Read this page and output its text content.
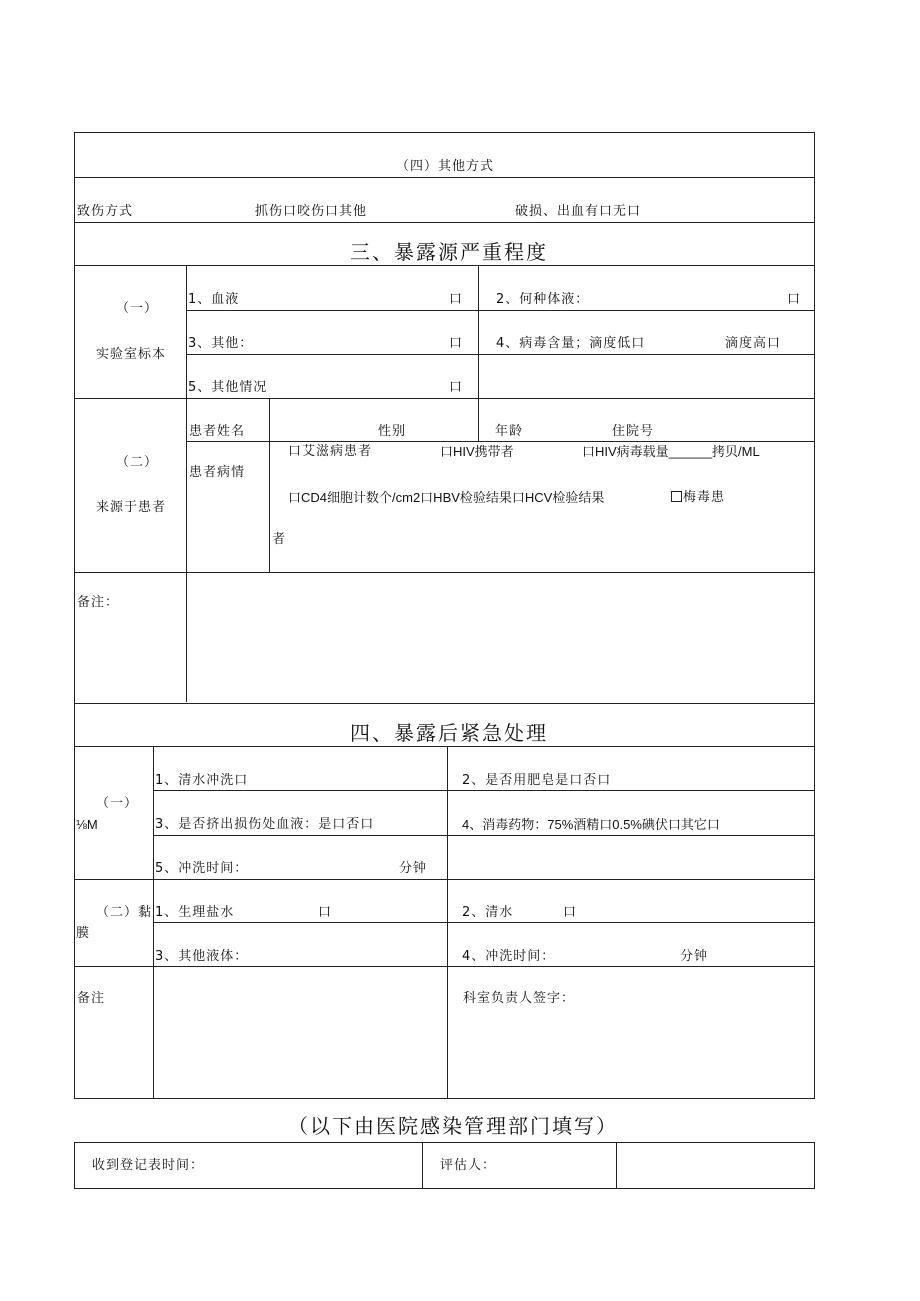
（四）其他方式
致伤方式	抓伤口咬伤口其他	破损、出血有口无口
三、暴露源严重程度
（一）
实验室标本
1、血液	口	2、何种体液：	口
3、其他：	口	4、病毒含量；滴度低口	滴度高口
5、其他情况	口
（二）
来源于患者
患者姓名	性别	年龄	住院号
患者病情
口艾滋病患者	口HIV携带者	口HIV病毒载量______拷贝/ML
口CD4细胞计数个/cm2口HBV检验结果口HCV检验结果	梅毒患
者
备注：
四、暴露后紧急处理
（一）
⅛M
1、清水冲洗口	2、是否用肥皂是口否口
3、是否挤出损伤处血液：是口否口	4、消毒药物：75%酒精口0.5%碘伏口其它口
5、冲洗时间：	分钟
（二）黏
膜
1、生理盐水	口	2、清水	口
3、其他液体：	4、冲洗时间：	分钟
备注	科室负责人签字：
（以下由医院感染管理部门填写）
收到登记表时间：	评估人：
